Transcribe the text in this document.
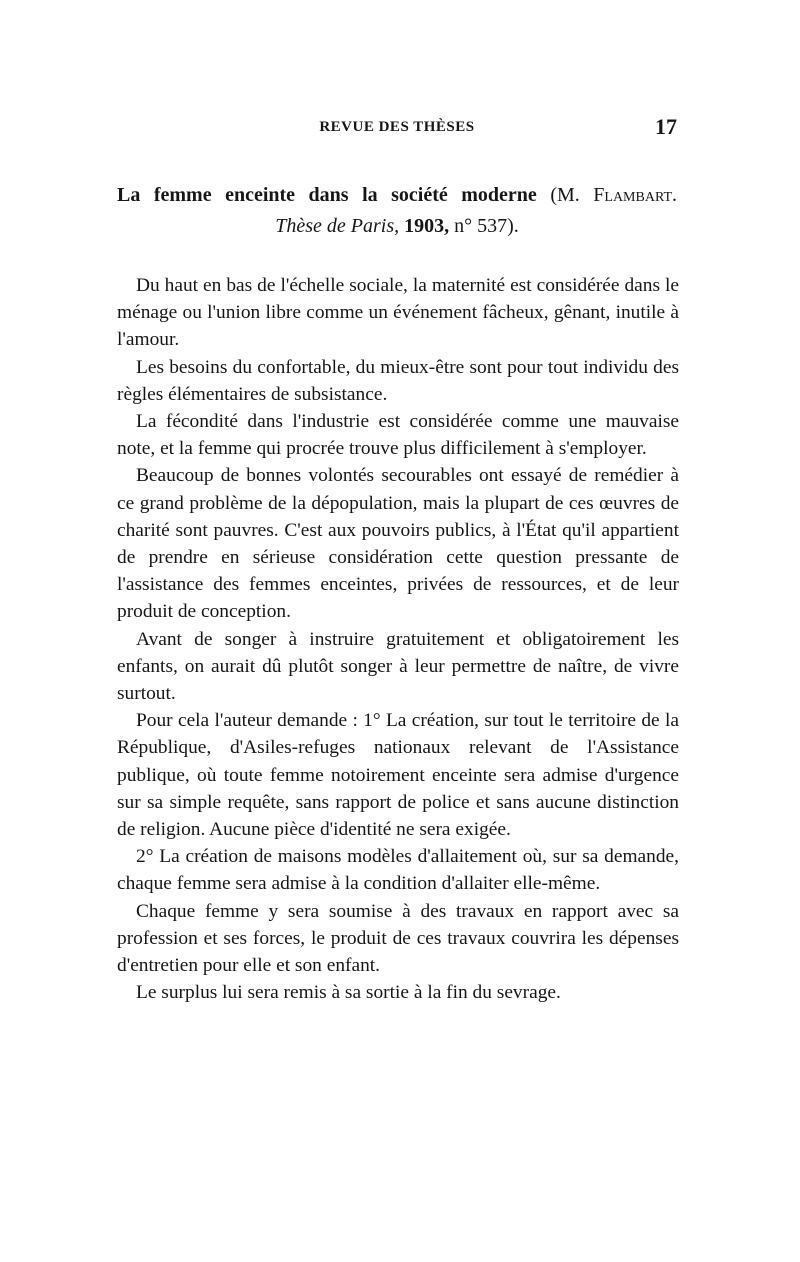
REVUE DES THÈSES	17
La femme enceinte dans la société moderne (M. Flambart.
Thèse de Paris, 1903, n° 537).

Du haut en bas de l'échelle sociale, la maternité est considérée dans le ménage ou l'union libre comme un événement fâcheux, gênant, inutile à l'amour.

Les besoins du confortable, du mieux-être sont pour tout individu des règles élémentaires de subsistance.

La fécondité dans l'industrie est considérée comme une mauvaise note, et la femme qui procrée trouve plus difficilement à s'employer.

Beaucoup de bonnes volontés secourables ont essayé de remédier à ce grand problème de la dépopulation, mais la plupart de ces œuvres de charité sont pauvres. C'est aux pouvoirs publics, à l'État qu'il appartient de prendre en sérieuse considération cette question pressante de l'assistance des femmes enceintes, privées de ressources, et de leur produit de conception.

Avant de songer à instruire gratuitement et obligatoirement les enfants, on aurait dû plutôt songer à leur permettre de naître, de vivre surtout.

Pour cela l'auteur demande : 1° La création, sur tout le territoire de la République, d'Asiles-refuges nationaux relevant de l'Assistance publique, où toute femme notoirement enceinte sera admise d'urgence sur sa simple requête, sans rapport de police et sans aucune distinction de religion. Aucune pièce d'identité ne sera exigée.

2° La création de maisons modèles d'allaitement où, sur sa demande, chaque femme sera admise à la condition d'allaiter elle-même.

Chaque femme y sera soumise à des travaux en rapport avec sa profession et ses forces, le produit de ces travaux couvrira les dépenses d'entretien pour elle et son enfant.

Le surplus lui sera remis à sa sortie à la fin du sevrage.
